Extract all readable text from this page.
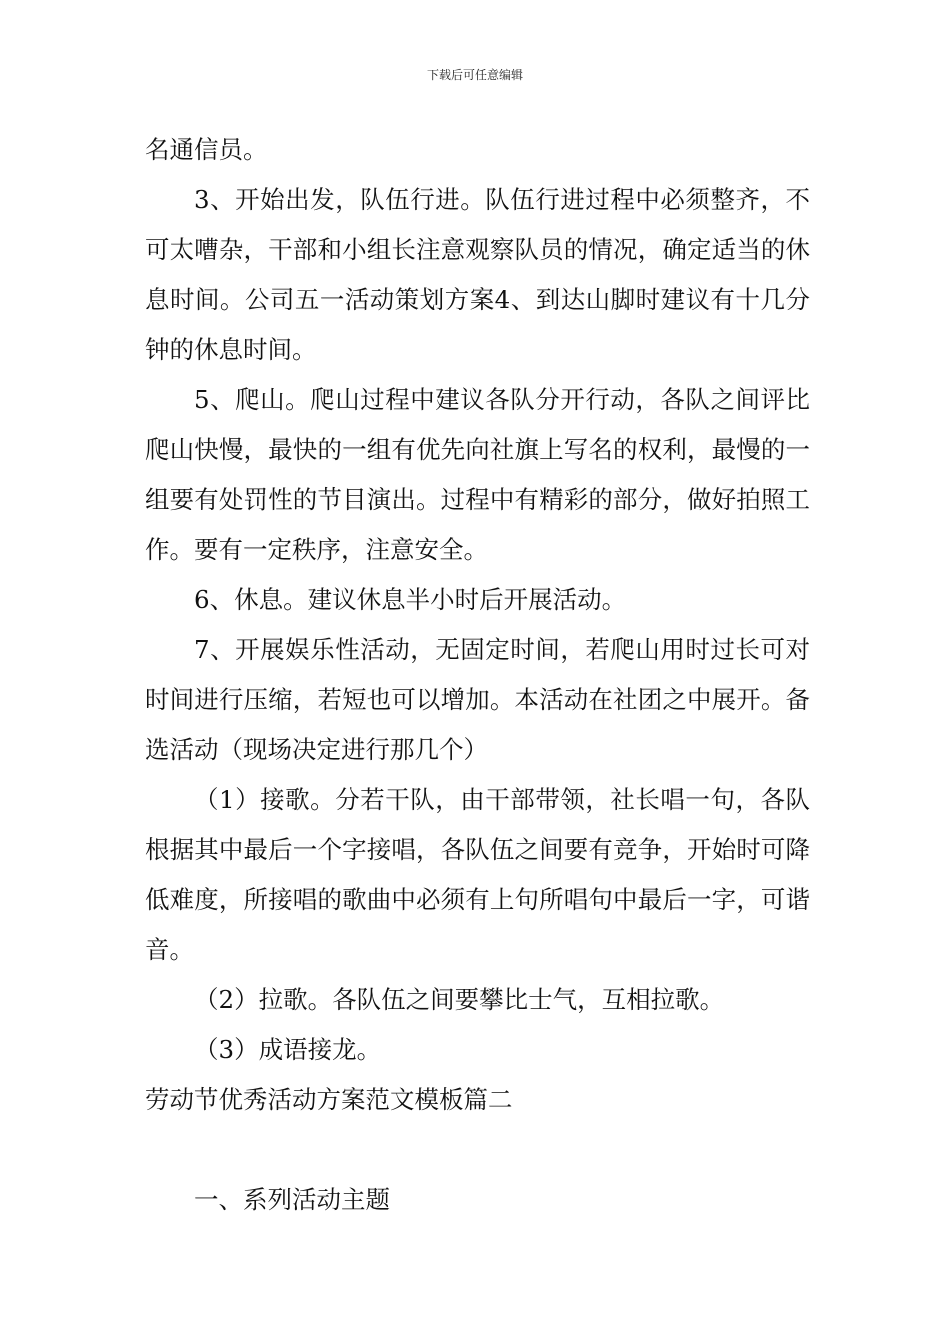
下载后可任意编辑

名通信员。

3、开始出发，队伍行进。队伍行进过程中必须整齐，不可太嘈杂，干部和小组长注意观察队员的情况，确定适当的休息时间。公司五一活动策划方案4、到达山脚时建议有十几分钟的休息时间。

5、爬山。爬山过程中建议各队分开行动，各队之间评比爬山快慢，最快的一组有优先向社旗上写名的权利，最慢的一组要有处罚性的节目演出。过程中有精彩的部分，做好拍照工作。要有一定秩序，注意安全。

6、休息。建议休息半小时后开展活动。

7、开展娱乐性活动，无固定时间，若爬山用时过长可对时间进行压缩，若短也可以增加。本活动在社团之中展开。备选活动（现场决定进行那几个）

（1）接歌。分若干队，由干部带领，社长唱一句，各队根据其中最后一个字接唱，各队伍之间要有竞争，开始时可降低难度，所接唱的歌曲中必须有上句所唱句中最后一字，可谐音。

（2）拉歌。各队伍之间要攀比士气，互相拉歌。

（3）成语接龙。

劳动节优秀活动方案范文模板篇二

一、系列活动主题
